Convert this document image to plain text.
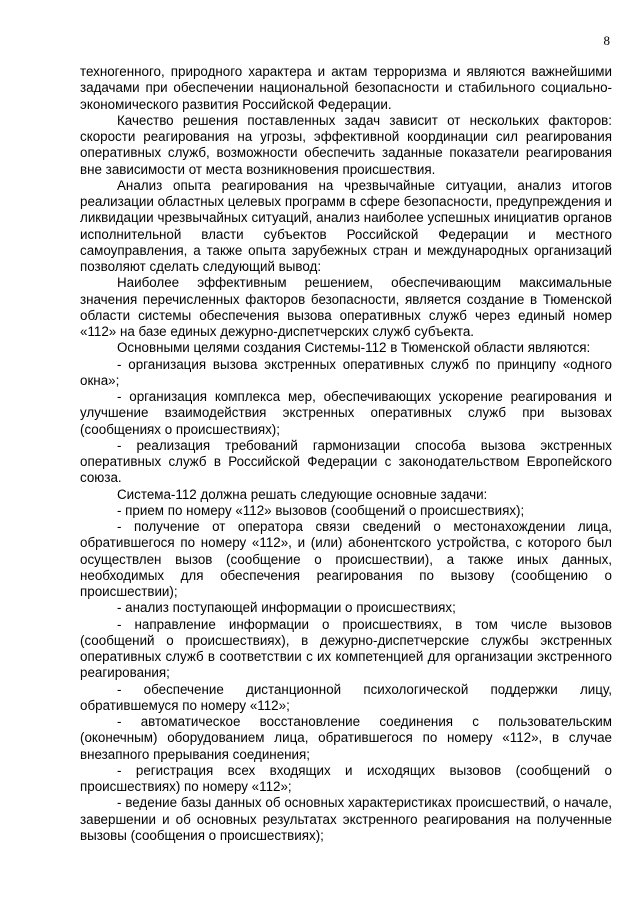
8

техногенного, природного характера и актам терроризма и являются важнейшими задачами при обеспечении национальной безопасности и стабильного социально-экономического развития Российской Федерации.

Качество решения поставленных задач зависит от нескольких факторов: скорости реагирования на угрозы, эффективной координации сил реагирования оперативных служб, возможности обеспечить заданные показатели реагирования вне зависимости от места возникновения происшествия.

Анализ опыта реагирования на чрезвычайные ситуации, анализ итогов реализации областных целевых программ в сфере безопасности, предупреждения и ликвидации чрезвычайных ситуаций, анализ наиболее успешных инициатив органов исполнительной власти субъектов Российской Федерации и местного самоуправления, а также опыта зарубежных стран и международных организаций позволяют сделать следующий вывод:

Наиболее эффективным решением, обеспечивающим максимальные значения перечисленных факторов безопасности, является создание в Тюменской области системы обеспечения вызова оперативных служб через единый номер «112» на базе единых дежурно-диспетчерских служб субъекта.

Основными целями создания Системы-112 в Тюменской области являются:

- организация вызова экстренных оперативных служб по принципу «одного окна»;

- организация комплекса мер, обеспечивающих ускорение реагирования и улучшение взаимодействия экстренных оперативных служб при вызовах (сообщениях о происшествиях);

- реализация требований гармонизации способа вызова экстренных оперативных служб в Российской Федерации с законодательством Европейского союза.

Система-112 должна решать следующие основные задачи:

- прием по номеру «112» вызовов (сообщений о происшествиях);

- получение от оператора связи сведений о местонахождении лица, обратившегося по номеру «112», и (или) абонентского устройства, с которого был осуществлен вызов (сообщение о происшествии), а также иных данных, необходимых для обеспечения реагирования по вызову (сообщению о происшествии);

- анализ поступающей информации о происшествиях;

- направление информации о происшествиях, в том числе вызовов (сообщений о происшествиях), в дежурно-диспетчерские службы экстренных оперативных служб в соответствии с их компетенцией для организации экстренного реагирования;

- обеспечение дистанционной психологической поддержки лицу, обратившемуся по номеру «112»;

- автоматическое восстановление соединения с пользовательским (оконечным) оборудованием лица, обратившегося по номеру «112», в случае внезапного прерывания соединения;

- регистрация всех входящих и исходящих вызовов (сообщений о происшествиях) по номеру «112»;

- ведение базы данных об основных характеристиках происшествий, о начале, завершении и об основных результатах экстренного реагирования на полученные вызовы (сообщения о происшествиях);
